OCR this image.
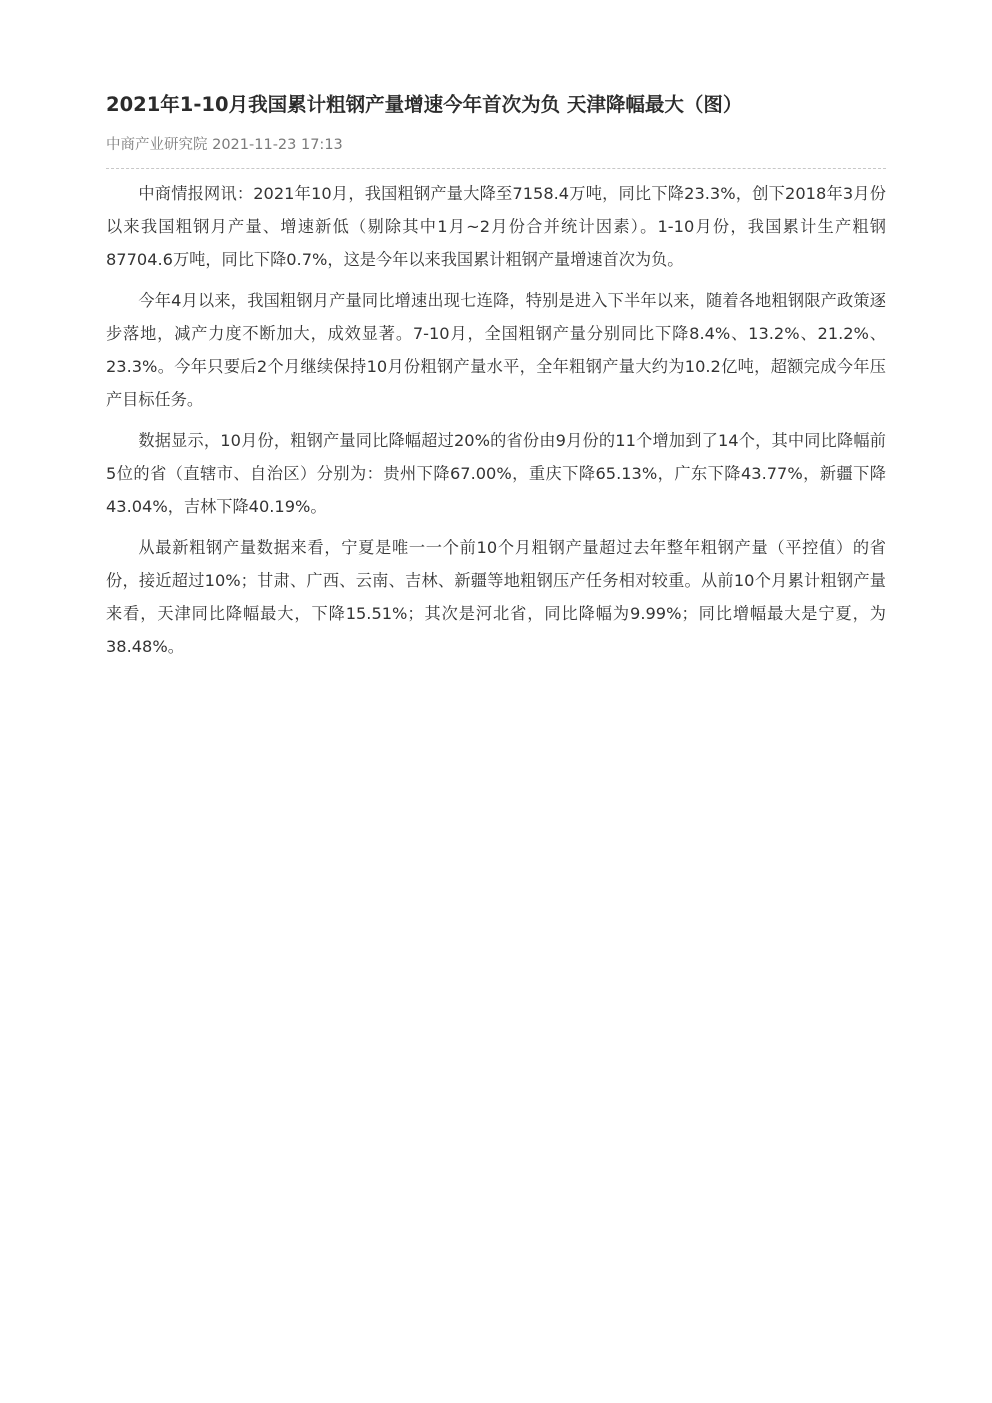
2021年1-10月我国累计粗钢产量增速今年首次为负 天津降幅最大（图）
中商产业研究院 2021-11-23 17:13

中商情报网讯：2021年10月，我国粗钢产量大降至7158.4万吨，同比下降23.3%，创下2018年3月份以来我国粗钢月产量、增速新低（剔除其中1月~2月份合并统计因素）。1-10月份，我国累计生产粗钢87704.6万吨，同比下降0.7%，这是今年以来我国累计粗钢产量增速首次为负。

今年4月以来，我国粗钢月产量同比增速出现七连降，特别是进入下半年以来，随着各地粗钢限产政策逐步落地，减产力度不断加大，成效显著。7-10月，全国粗钢产量分别同比下降8.4%、13.2%、21.2%、23.3%。今年只要后2个月继续保持10月份粗钢产量水平，全年粗钢产量大约为10.2亿吨，超额完成今年压产目标任务。

数据显示，10月份，粗钢产量同比降幅超过20%的省份由9月份的11个增加到了14个，其中同比降幅前5位的省（直辖市、自治区）分别为：贵州下降67.00%，重庆下降65.13%，广东下降43.77%，新疆下降43.04%，吉林下降40.19%。

从最新粗钢产量数据来看，宁夏是唯一一个前10个月粗钢产量超过去年整年粗钢产量（平控值）的省份，接近超过10%；甘肃、广西、云南、吉林、新疆等地粗钢压产任务相对较重。从前10个月累计粗钢产量来看，天津同比降幅最大，下降15.51%；其次是河北省，同比降幅为9.99%；同比增幅最大是宁夏，为38.48%。
